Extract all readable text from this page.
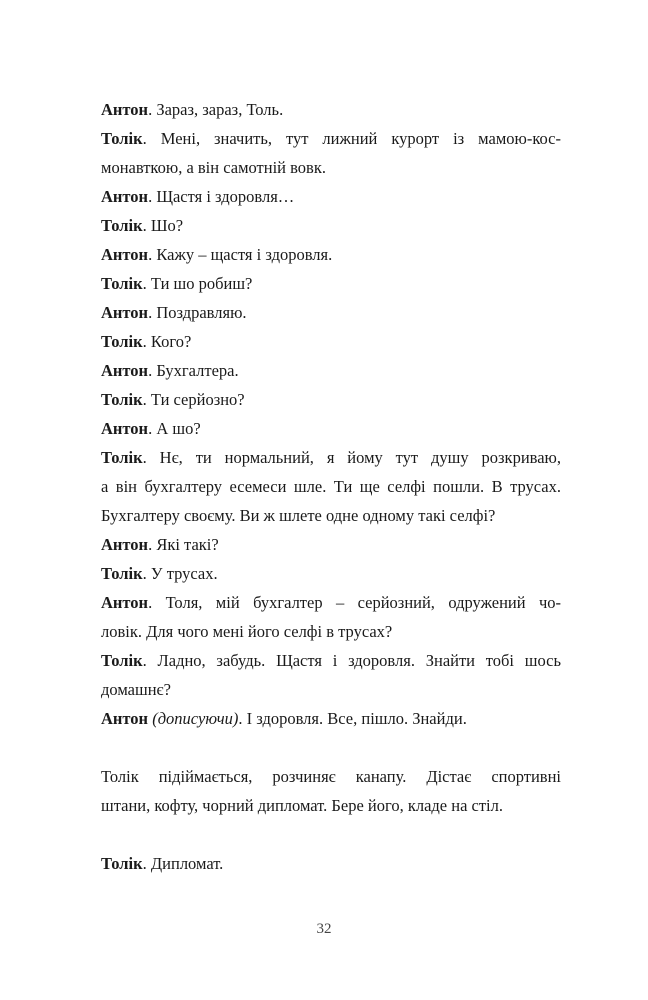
Антон. Зараз, зараз, Толь.
Толік. Мені, значить, тут лижний курорт із мамою-кос-
монавткою, а він самотній вовк.
Антон. Щастя і здоровля…
Толік. Шо?
Антон. Кажу – щастя і здоровля.
Толік. Ти шо робиш?
Антон. Поздравляю.
Толік. Кого?
Антон. Бухгалтера.
Толік. Ти серйозно?
Антон. А шо?
Толік. Нє, ти нормальний, я йому тут душу розкриваю,
а він бухгалтеру есемеси шле. Ти ще селфі пошли. В трусах.
Бухгалтеру своєму. Ви ж шлете одне одному такі селфі?
Антон. Які такі?
Толік. У трусах.
Антон. Толя, мій бухгалтер – серйозний, одружений чо-
ловік. Для чого мені його селфі в трусах?
Толік. Ладно, забудь. Щастя і здоровля. Знайти тобі шось
домашнє?
Антон (дописуючи). І здоровля. Все, пішло. Знайди.
Толік підіймається, розчиняє канапу. Дістає спортивні
штани, кофту, чорний дипломат. Бере його, кладе на стіл.
Толік. Дипломат.
32
